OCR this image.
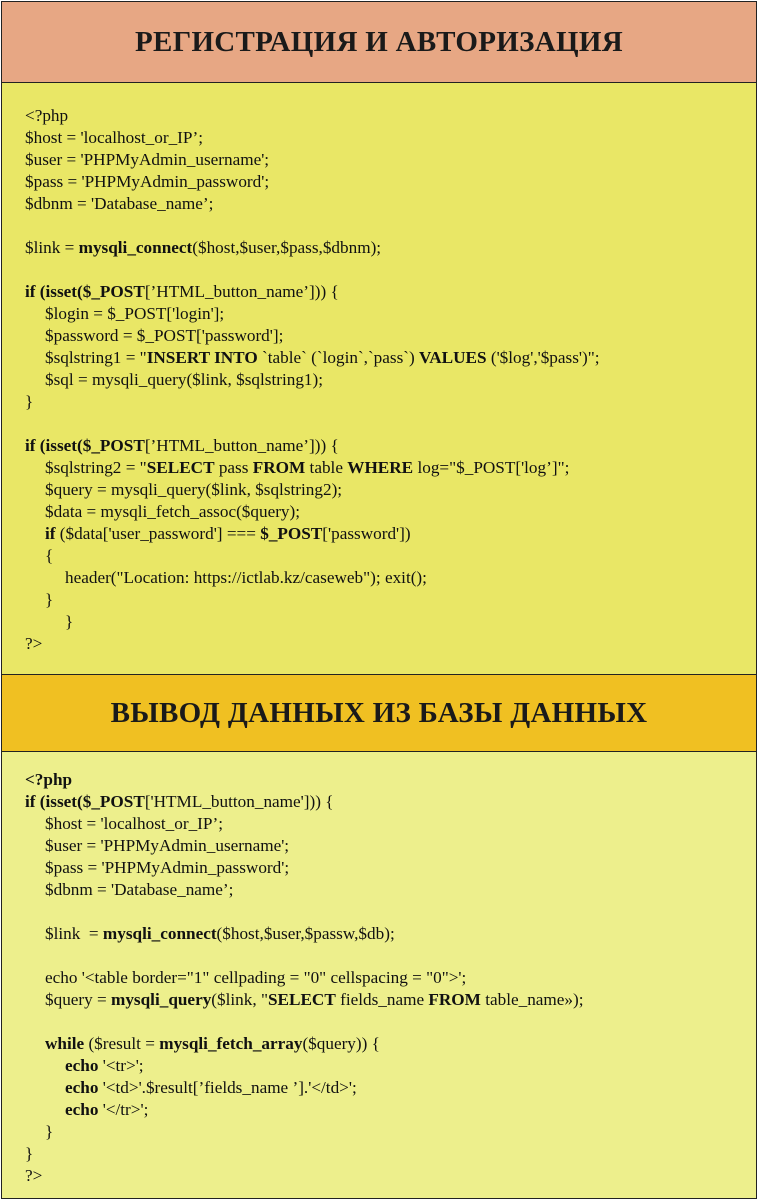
РЕГИСТРАЦИЯ И АВТОРИЗАЦИЯ
<?php
$host = 'localhost_or_IP’;
$user = 'PHPMyAdmin_username';
$pass = 'PHPMyAdmin_password';
$dbnm = 'Database_name’;
$link = mysqli_connect($host,$user,$pass,$dbnm);
if (isset($_POST[’HTML_button_name’])) {
$login = $_POST['login'];
$password = $_POST['password'];
$sqlstring1 = "INSERT INTO `table` (`login`,`pass`) VALUES ('$log','$pass')";
$sql = mysqli_query($link, $sqlstring1);
}
if (isset($_POST[’HTML_button_name’])) {
$sqlstring2 = "SELECT pass FROM table WHERE log="$_POST['log’]";
$query = mysqli_query($link, $sqlstring2);
$data = mysqli_fetch_assoc($query);
if ($data['user_password'] === $_POST['password'])
{
header("Location: https://ictlab.kz/caseweb"); exit();
}
}
?>
ВЫВОД ДАННЫХ ИЗ БАЗЫ ДАННЫХ
<?php
if (isset($_POST['HTML_button_name'])) {
$host = 'localhost_or_IP’;
$user = 'PHPMyAdmin_username';
$pass = 'PHPMyAdmin_password';
$dbnm = 'Database_name’;
$link  = mysqli_connect($host,$user,$passw,$db);
echo '<table border="1" cellpading = "0" cellspacing = "0">';
$query = mysqli_query($link, "SELECT fields_name FROM table_name»);
while ($result = mysqli_fetch_array($query)) {
echo '<tr>';
echo '<td>'.$result[’fields_name ’].'</td>';
echo '</tr>';
}
}
?>
